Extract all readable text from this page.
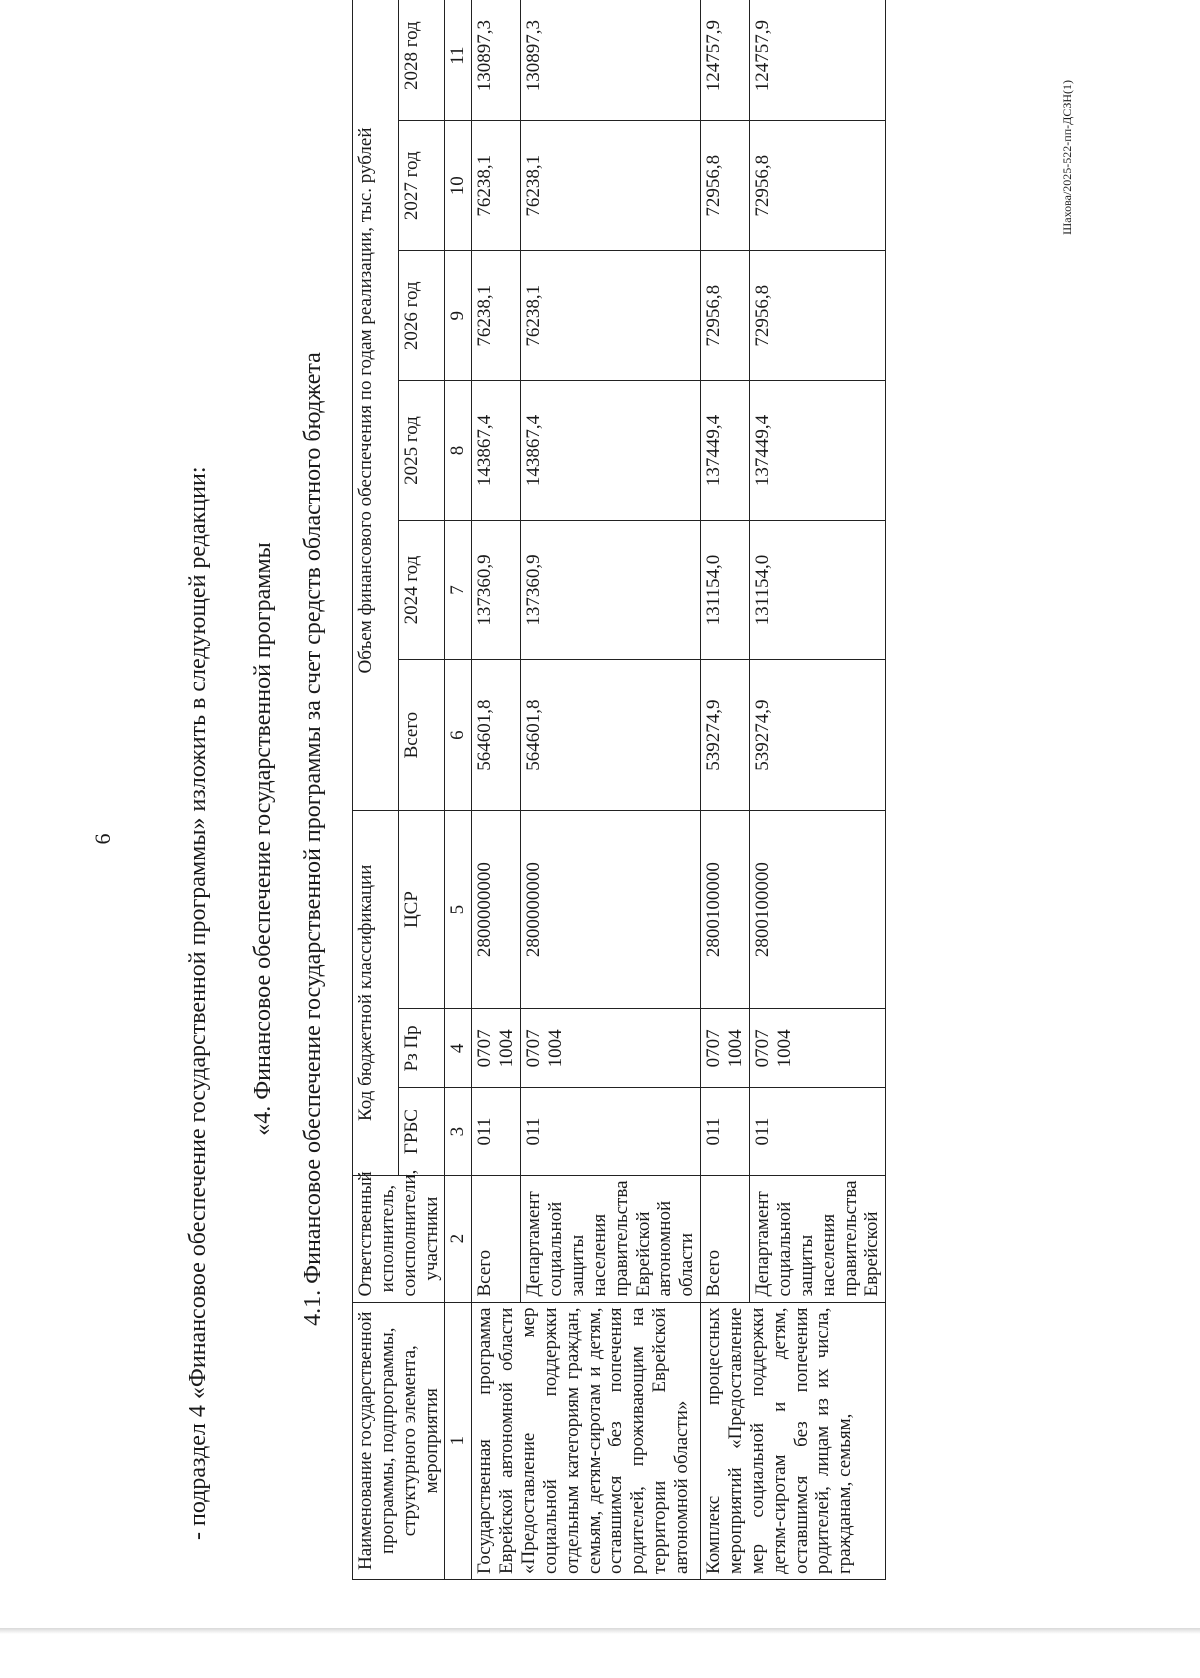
6	- подраздел 4 «Финансовое обеспечение государственной программы» изложить в следующей редакции: «4. Финансовое обеспечение государственной программы 4.1. Финансовое обеспечение государственной программы за счет средств областного бюджета
Наименование государственной программы, подпрограммы, структурного элемента, мероприятия	Ответственный исполнитель, соисполнители, участники	Код бюджетной классификации			Объем финансового обеспечения по годам реализации, тыс. рублей					
		ГРБС	Рз Пр	ЦСР	Всего	2024 год	2025 год	2026 год	2027 год	2028 год
1	2	3	4	5	6	7	8	9	10	11
Государственная программа Еврейской автономной области «Предоставление мер социальной поддержки отдельным категориям граждан, семьям, детям-сиротам и детям, оставшимся без попечения родителей, проживающим на территории Еврейской автономной области»	Всего	011	0707 1004	2800000000	564601,8	137360,9	143867,4	76238,1	76238,1	130897,3
	Департамент социальной защиты населения правительства Еврейской автономной области	011	0707 1004	2800000000	564601,8	137360,9	143867,4	76238,1	76238,1	130897,3
Комплекс процессных мероприятий «Предоставление мер социальной поддержки детям-сиротам и детям, оставшимся без попечения родителей, лицам из их числа, гражданам, семьям,	Всего	011	0707 1004	2800100000	539274,9	131154,0	137449,4	72956,8	72956,8	124757,9
	Департамент социальной защиты населения правительства Еврейской	011	0707 1004	2800100000	539274,9	131154,0	137449,4	72956,8	72956,8	124757,9
Шахова/2025-522-пп-ДСЗН(1)
